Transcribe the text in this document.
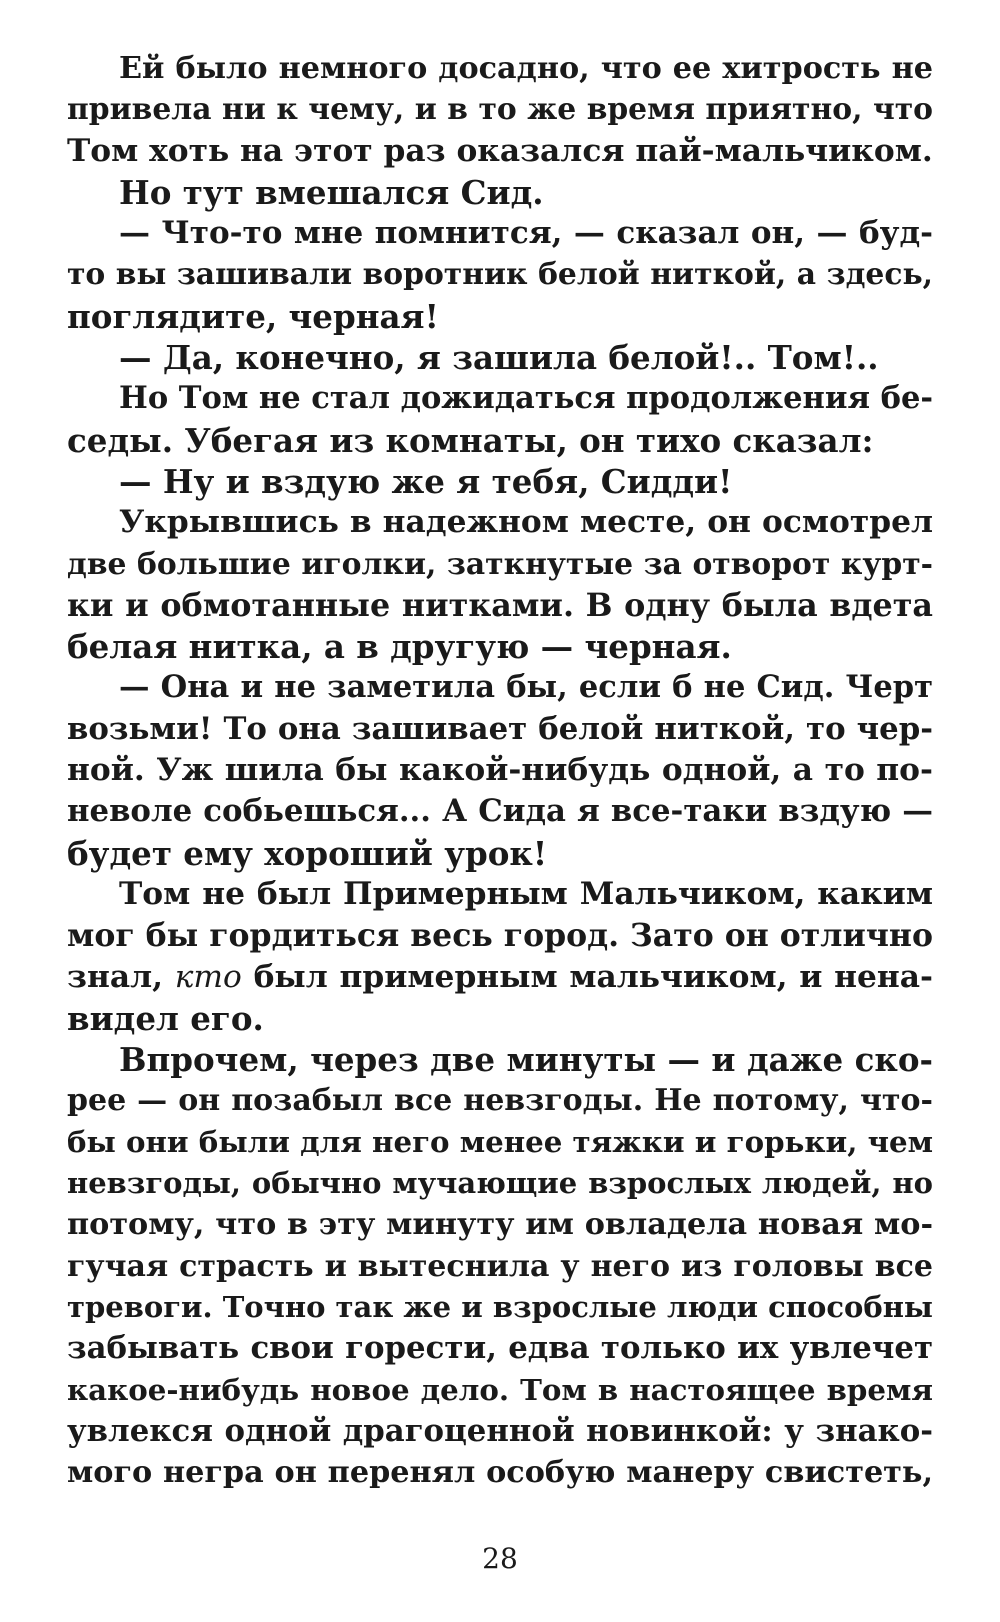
Ей было немного досадно, что ее хитрость не
привела ни к чему, и в то же время приятно, что
Том хоть на этот раз оказался пай-мальчиком.
Но тут вмешался Сид.
— Что-то мне помнится, — сказал он, — буд-
то вы зашивали воротник белой ниткой, а здесь,
поглядите, черная!
— Да, конечно, я зашила белой!.. Том!..
Но Том не стал дожидаться продолжения бе-
седы. Убегая из комнаты, он тихо сказал:
— Ну и вздую же я тебя, Сидди!
Укрывшись в надежном месте, он осмотрел
две большие иголки, заткнутые за отворот курт-
ки и обмотанные нитками. В одну была вдета
белая нитка, а в другую — черная.
— Она и не заметила бы, если б не Сид. Черт
возьми! То она зашивает белой ниткой, то чер-
ной. Уж шила бы какой-нибудь одной, а то по-
неволе собьешься... А Сида я все-таки вздую —
будет ему хороший урок!
Том не был Примерным Мальчиком, каким
мог бы гордиться весь город. Зато он отлично
знал, кто был примерным мальчиком, и нена-
видел его.
Впрочем, через две минуты — и даже ско-
рее — он позабыл все невзгоды. Не потому, что-
бы они были для него менее тяжки и горьки, чем
невзгоды, обычно мучающие взрослых людей, но
потому, что в эту минуту им овладела новая мо-
гучая страсть и вытеснила у него из головы все
тревоги. Точно так же и взрослые люди способны
забывать свои горести, едва только их увлечет
какое-нибудь новое дело. Том в настоящее время
увлекся одной драгоценной новинкой: у знако-
мого негра он перенял особую манеру свистеть,
28
